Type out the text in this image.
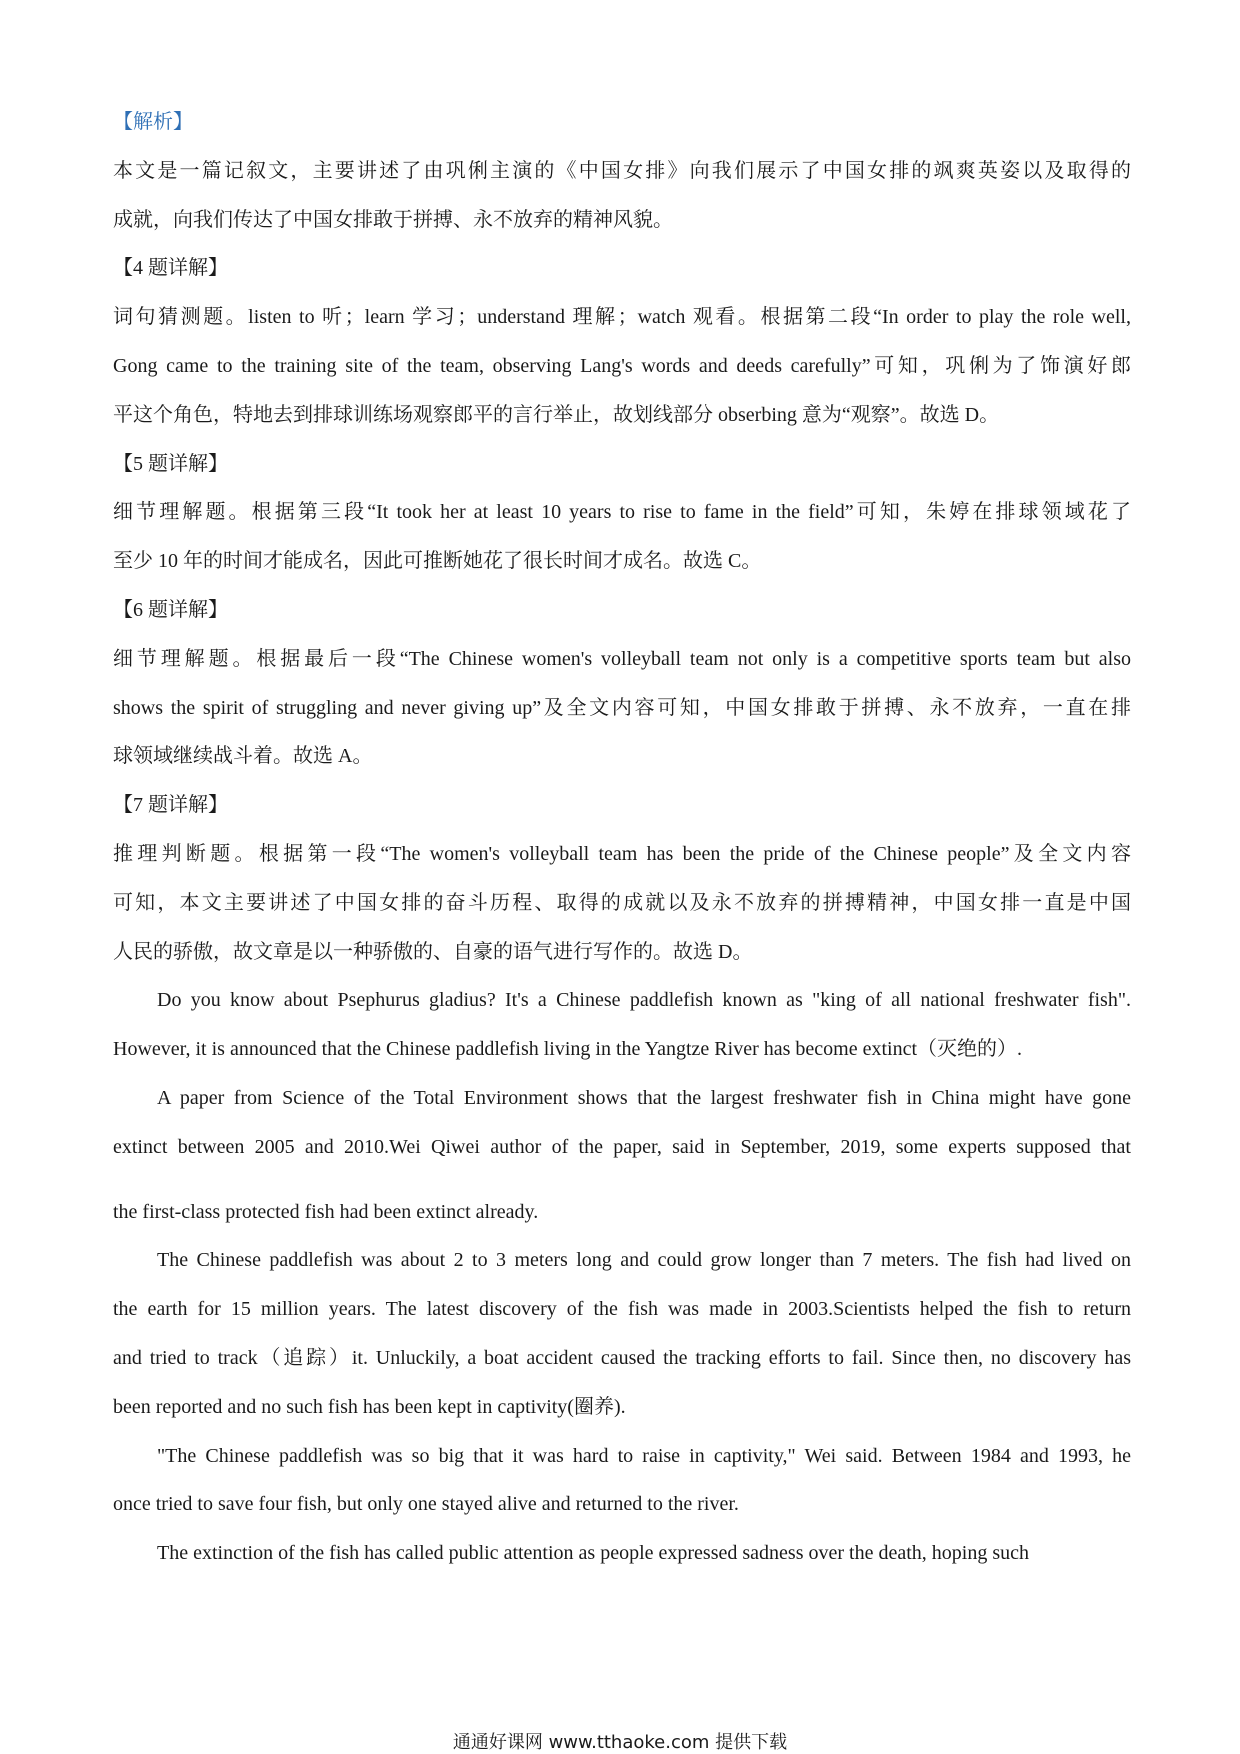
【解析】
本文是一篇记叙文，主要讲述了由巩俐主演的《中国女排》向我们展示了中国女排的飒爽英姿以及取得的
成就，向我们传达了中国女排敢于拼搏、永不放弃的精神风貌。
【4 题详解】
词句猜测题。listen to 听；learn 学习；understand 理解；watch 观看。根据第二段“In order to play the role well,
Gong came to the training site of the team, observing Lang's words and deeds carefully”可知，巩俐为了饰演好郎
平这个角色，特地去到排球训练场观察郎平的言行举止，故划线部分 obserbing 意为“观察”。故选 D。
【5 题详解】
细节理解题。根据第三段“It took her at least 10 years to rise to fame in the field”可知，朱婷在排球领域花了
至少 10 年的时间才能成名，因此可推断她花了很长时间才成名。故选 C。
【6 题详解】
细节理解题。根据最后一段“The Chinese women's volleyball team not only is a competitive sports team but also
shows the spirit of struggling and never giving up”及全文内容可知，中国女排敢于拼搏、永不放弃，一直在排
球领域继续战斗着。故选 A。
【7 题详解】
推理判断题。根据第一段“The women's volleyball team has been the pride of the Chinese people”及全文内容
可知，本文主要讲述了中国女排的奋斗历程、取得的成就以及永不放弃的拼搏精神，中国女排一直是中国
人民的骄傲，故文章是以一种骄傲的、自豪的语气进行写作的。故选 D。
Do you know about Psephurus gladius? It's a Chinese paddlefish known as "king of all national freshwater fish".
However, it is announced that the Chinese paddlefish living in the Yangtze River has become extinct（灭绝的）.
A paper from Science of the Total Environment shows that the largest freshwater fish in China might have gone
extinct between 2005 and 2010.Wei Qiwei author of the paper, said in September, 2019, some experts supposed that
the first-class protected fish had been extinct already.
The Chinese paddlefish was about 2 to 3 meters long and could grow longer than 7 meters. The fish had lived on
the earth for 15 million years. The latest discovery of the fish was made in 2003.Scientists helped the fish to return
and tried to track（追踪）it. Unluckily, a boat accident caused the tracking efforts to fail. Since then, no discovery has
been reported and no such fish has been kept in captivity(圈养).
"The Chinese paddlefish was so big that it was hard to raise in captivity," Wei said. Between 1984 and 1993, he
once tried to save four fish, but only one stayed alive and returned to the river.
The extinction of the fish has called public attention as people expressed sadness over the death, hoping such
通通好课网 www.tthaoke.com 提供下载
